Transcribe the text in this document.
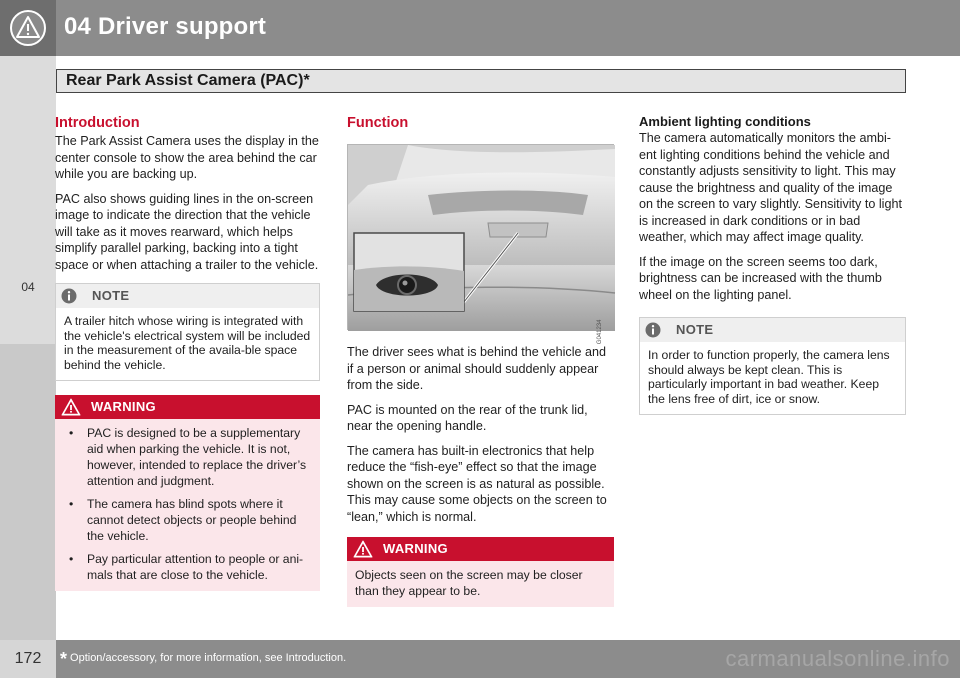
04 Driver support
Rear Park Assist Camera (PAC)*
04
Introduction

The Park Assist Camera uses the display in the center console to show the area behind the car while you are backing up.

PAC also shows guiding lines in the on-screen image to indicate the direction that the vehicle will take as it moves rearward, which helps simplify parallel parking, backing into a tight space or when attaching a trailer to the vehicle.

NOTE
A trailer hitch whose wiring is integrated with the vehicle's electrical system will be included in the measurement of the availa-ble space behind the vehicle.
WARNING
• PAC is designed to be a supplementary aid when parking the vehicle. It is not, however, intended to replace the driver’s attention and judgment.
• The camera has blind spots where it cannot detect objects or people behind the vehicle.
• Pay particular attention to people or ani-mals that are close to the vehicle.
Function
G041234

The driver sees what is behind the vehicle and if a person or animal should suddenly appear from the side.

PAC is mounted on the rear of the trunk lid, near the opening handle.

The camera has built-in electronics that help reduce the “fish-eye” effect so that the image shown on the screen is as natural as possible. This may cause some objects on the screen to “lean,” which is normal.

WARNING
Objects seen on the screen may be closer than they appear to be.
Ambient lighting conditions

The camera automatically monitors the ambi-ent lighting conditions behind the vehicle and constantly adjusts sensitivity to light. This may cause the brightness and quality of the image on the screen to vary slightly. Sensitivity to light is increased in dark conditions or in bad weather, which may affect image quality.

If the image on the screen seems too dark, brightness can be increased with the thumb wheel on the lighting panel.

NOTE
In order to function properly, the camera lens should always be kept clean. This is particularly important in bad weather. Keep the lens free of dirt, ice or snow.
172	* Option/accessory, for more information, see Introduction.	carmanualsonline.info
